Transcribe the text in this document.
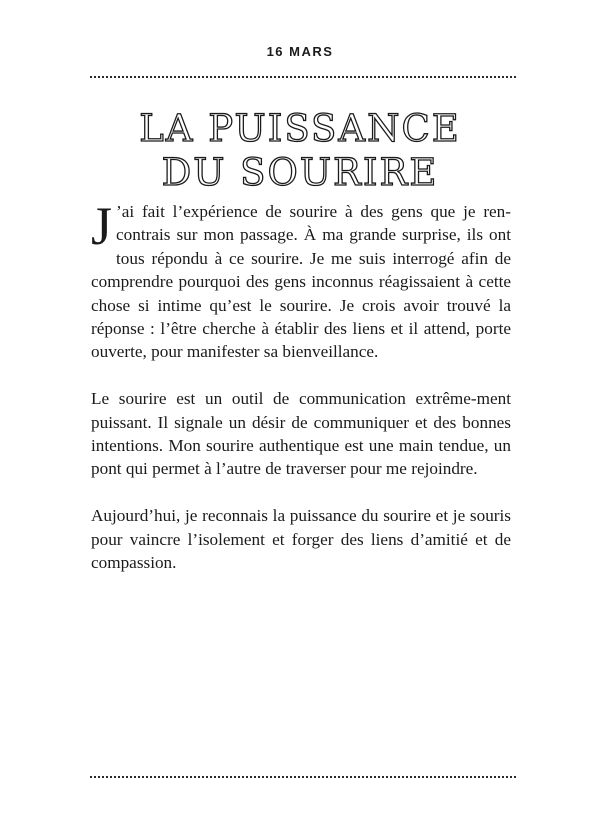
16 MARS
LA PUISSANCE
DU SOURIRE

J ’ai fait l’expérience de sourire à des gens que je ren-contrais sur mon passage. À ma grande surprise, ils ont tous répondu à ce sourire. Je me suis interrogé afin de comprendre pourquoi des gens inconnus réagissaient à cette chose si intime qu’est le sourire. Je crois avoir trouvé la réponse : l’être cherche à établir des liens et il attend, porte ouverte, pour manifester sa bienveillance.

Le sourire est un outil de communication extrême-ment puissant. Il signale un désir de communiquer et des bonnes intentions. Mon sourire authentique est une main tendue, un pont qui permet à l’autre de traverser pour me rejoindre.

Aujourd’hui, je reconnais la puissance du sourire et je souris pour vaincre l’isolement et forger des liens d’amitié et de compassion.
